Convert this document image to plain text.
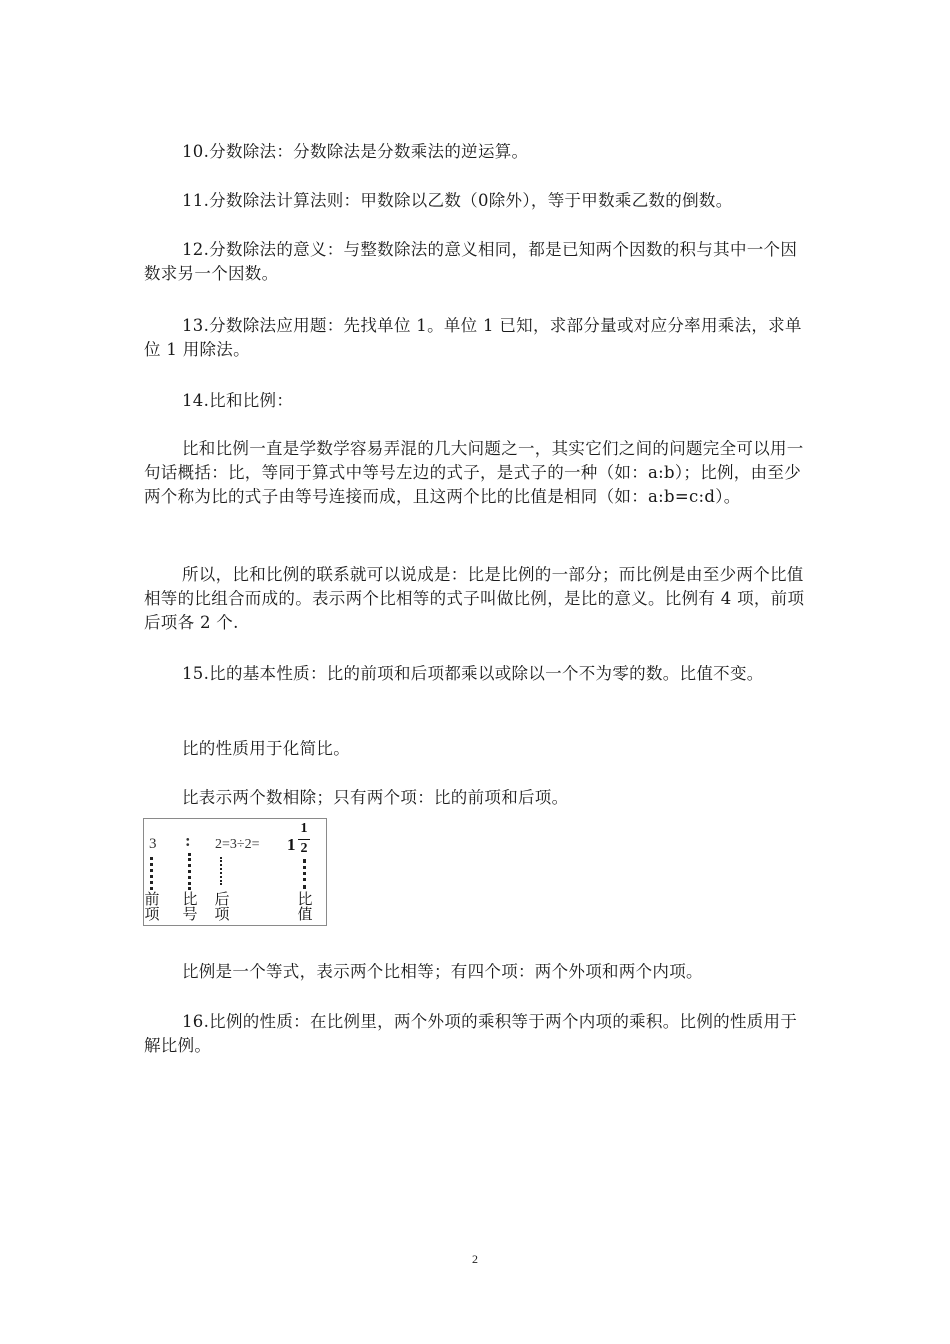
10.分数除法：分数除法是分数乘法的逆运算。

11.分数除法计算法则：甲数除以乙数（0除外），等于甲数乘乙数的倒数。

12.分数除法的意义：与整数除法的意义相同，都是已知两个因数的积与其中一个因数求另一个因数。

13.分数除法应用题：先找单位 1。单位 1 已知，求部分量或对应分率用乘法，求单位 1 用除法。

14.比和比例：

比和比例一直是学数学容易弄混的几大问题之一，其实它们之间的问题完全可以用一句话概括：比，等同于算式中等号左边的式子，是式子的一种（如：a:b）；比例，由至少两个称为比的式子由等号连接而成，且这两个比的比值是相同（如：a:b=c:d）。

所以，比和比例的联系就可以说成是：比是比例的一部分；而比例是由至少两个比值相等的比组合而成的。表示两个比相等的式子叫做比例，是比的意义。比例有 4 项，前项后项各 2 个.

15.比的基本性质：比的前项和后项都乘以或除以一个不为零的数。比值不变。

比的性质用于化简比。

比表示两个数相除；只有两个项：比的前项和后项。

3 : 2=3÷2= 1
1
2
前
项
比
号
后
项
比
值

比例是一个等式，表示两个比相等；有四个项：两个外项和两个内项。

16.比例的性质：在比例里，两个外项的乘积等于两个内项的乘积。比例的性质用于解比例。

2
